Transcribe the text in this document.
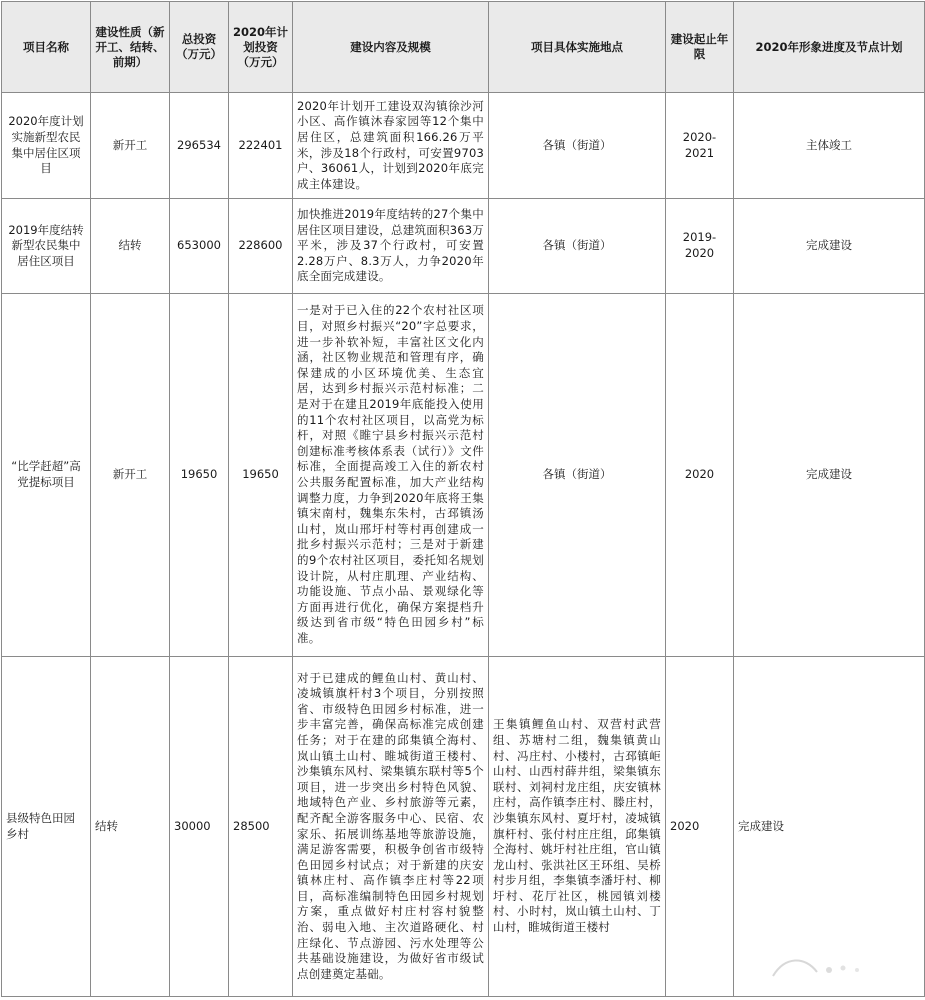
项目名称	建设性质（新开工、结转、前期）	总投资（万元）	2020年计划投资（万元）	建设内容及规模	项目具体实施地点	建设起止年限	2020年形象进度及节点计划
2020年度计划实施新型农民集中居住区项目	新开工	296534	222401	2020年计划开工建设双沟镇徐沙河小区、高作镇沐春家园等12个集中居住区，总建筑面积166.26万平米，涉及18个行政村，可安置9703户、36061人，计划到2020年底完成主体建设。	各镇（街道）	2020-2021	主体竣工
2019年度结转新型农民集中居住区项目	结转	653000	228600	加快推进2019年度结转的27个集中居住区项目建设，总建筑面积363万平米，涉及37个行政村，可安置2.28万户、8.3万人，力争2020年底全面完成建设。	各镇（街道）	2019-2020	完成建设
“比学赶超”高党提标项目	新开工	19650	19650	一是对于已入住的22个农村社区项目，对照乡村振兴“20”字总要求，进一步补软补短，丰富社区文化内涵，社区物业规范和管理有序，确保建成的小区环境优美、生态宜居，达到乡村振兴示范村标准；二是对于在建且2019年底能投入使用的11个农村社区项目，以高党为标杆，对照《睢宁县乡村振兴示范村创建标准考核体系表（试行）》文件标准，全面提高竣工入住的新农村公共服务配置标准，加大产业结构调整力度，力争到2020年底将王集镇宋南村，魏集东朱村，古邳镇汤山村，岚山邢圩村等村再创建成一批乡村振兴示范村；三是对于新建的9个农村社区项目，委托知名规划设计院，从村庄肌理、产业结构、功能设施、节点小品、景观绿化等方面再进行优化，确保方案提档升级达到省市级“特色田园乡村”标准。	各镇（街道）	2020	完成建设
县级特色田园乡村	结转	30000	28500	对于已建成的鲤鱼山村、黄山村、凌城镇旗杆村3个项目，分别按照省、市级特色田园乡村标准，进一步丰富完善，确保高标准完成创建任务；对于在建的邱集镇仝海村、岚山镇土山村、睢城街道王楼村、沙集镇东风村、梁集镇东联村等5个项目，进一步突出乡村特色风貌、地域特色产业、乡村旅游等元素，配齐配全游客服务中心、民宿、农家乐、拓展训练基地等旅游设施，满足游客需要，积极争创省市级特色田园乡村试点；对于新建的庆安镇林庄村、高作镇李庄村等22项目，高标准编制特色田园乡村规划方案，重点做好村庄村容村貌整治、弱电入地、主次道路硬化、村庄绿化、节点游园、污水处理等公共基础设施建设，为做好省市级试点创建奠定基础。	王集镇鲤鱼山村、双营村武营组、苏塘村二组，魏集镇黄山村、冯庄村、小楼村，古邳镇岠山村、山西村薛井组，梁集镇东联村、刘祠村龙庄组，庆安镇林庄村，高作镇李庄村、滕庄村，沙集镇东风村、夏圩村，凌城镇旗杆村、张付村庄庄组，邱集镇仝海村、姚圩村社庄组，官山镇龙山村、张洪社区王环组、吴桥村步月组，李集镇李潘圩村、柳圩村、花厅社区，桃园镇刘楼村、小时村，岚山镇土山村、丁山村，睢城街道王楼村	2020	完成建设
